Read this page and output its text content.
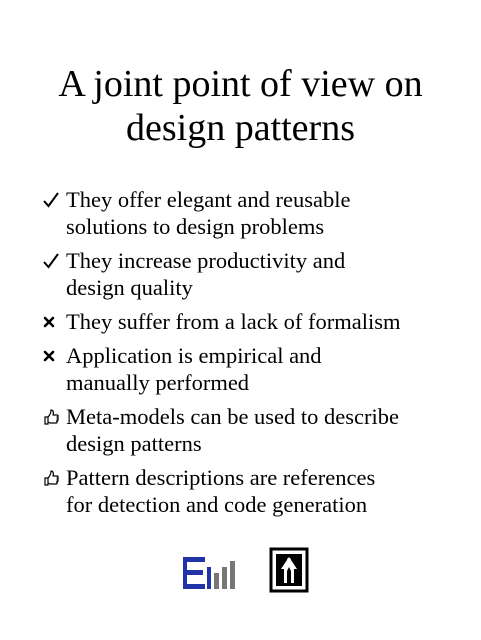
A joint point of view on
design patterns
They offer elegant and reusable
solutions to design problems
They increase productivity and
design quality
They suffer from a lack of formalism
Application is empirical and
manually performed
Meta-models can be used to describe
design patterns
Pattern descriptions are references
for detection and code generation
